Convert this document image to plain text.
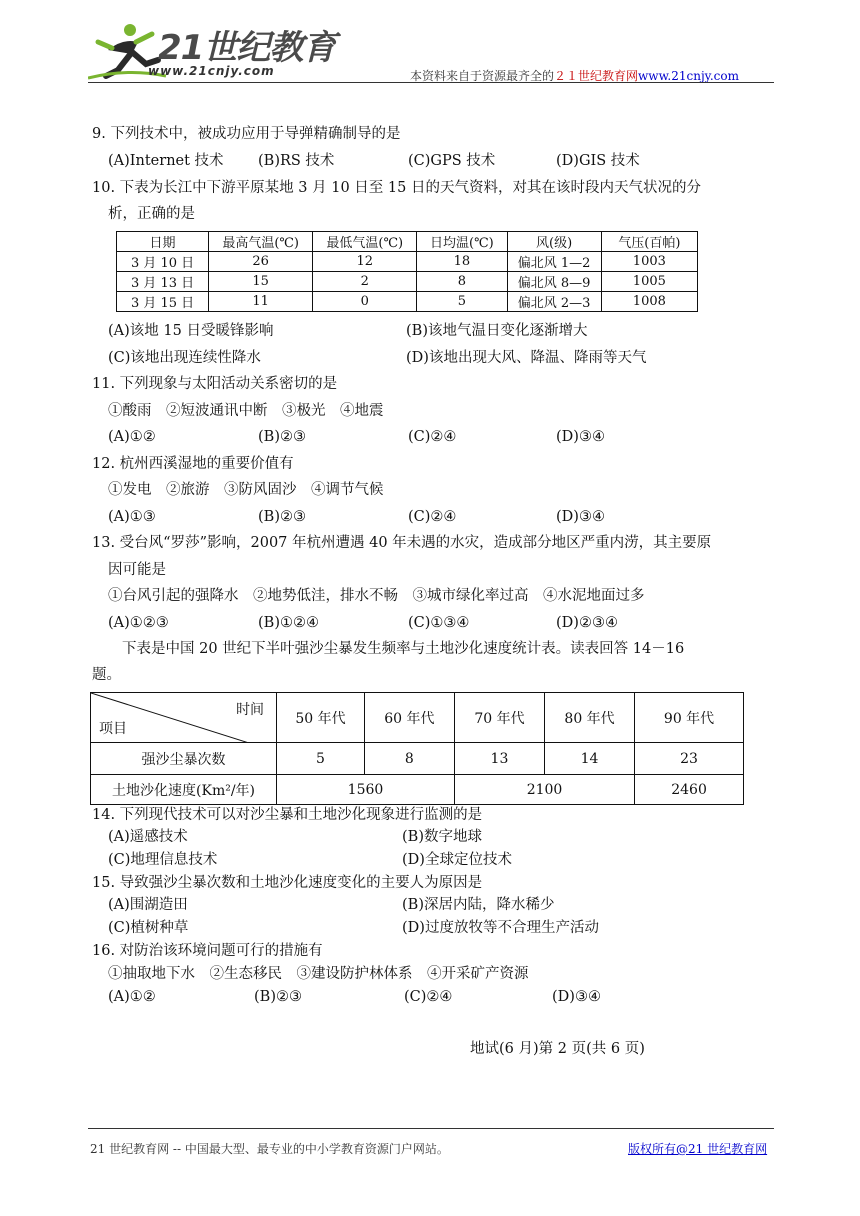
21世纪教育
www.21cnjy.com	本资料来自于资源最齐全的２１世纪教育网www.21cnjy.com
9. 下列技术中，被成功应用于导弹精确制导的是
(A)Internet 技术 (B)RS 技术	(C)GPS 技术	(D)GIS 技术
10. 下表为长江中下游平原某地 3 月 10 日至 15 日的天气资料，对其在该时段内天气状况的分
析，正确的是
日期	最高气温(℃)	最低气温(℃)	日均温(℃)	风(级)	气压(百帕)
3 月 10 日	26	12	18	偏北风 1—2	1003
3 月 13 日	15	2	8	偏北风 8—9	1005
3 月 15 日	11	0	5	偏北风 2—3	1008
(A)该地 15 日受暖锋影响	(B)该地气温日变化逐渐增大
(C)该地出现连续性降水	(D)该地出现大风、降温、降雨等天气
11. 下列现象与太阳活动关系密切的是
①酸雨　②短波通讯中断　③极光　④地震
(A)①②	(B)②③	(C)②④	(D)③④
12. 杭州西溪湿地的重要价值有
①发电　②旅游　③防风固沙　④调节气候
(A)①③	(B)②③	(C)②④	(D)③④
13. 受台风“罗莎”影响，2007 年杭州遭遇 40 年未遇的水灾，造成部分地区严重内涝，其主要原
因可能是
①台风引起的强降水　②地势低洼，排水不畅　③城市绿化率过高　④水泥地面过多
(A)①②③	(B)①②④	(C)①③④	(D)②③④
下表是中国 20 世纪下半叶强沙尘暴发生频率与土地沙化速度统计表。读表回答 14－16
题。
时间
项目	50 年代	60 年代	70 年代	80 年代	90 年代
强沙尘暴次数	5	8	13	14	23
土地沙化速度(Km²/年)	1560		2100		2460
14. 下列现代技术可以对沙尘暴和土地沙化现象进行监测的是
(A)遥感技术	(B)数字地球
(C)地理信息技术	(D)全球定位技术
15. 导致强沙尘暴次数和土地沙化速度变化的主要人为原因是
(A)围湖造田	(B)深居内陆，降水稀少
(C)植树种草	(D)过度放牧等不合理生产活动
16. 对防治该环境问题可行的措施有
①抽取地下水　②生态移民　③建设防护林体系　④开采矿产资源
(A)①②	(B)②③	(C)②④	(D)③④
地试(6 月)第 2 页(共 6 页)
21 世纪教育网 -- 中国最大型、最专业的中小学教育资源门户网站。	版权所有@21 世纪教育网
